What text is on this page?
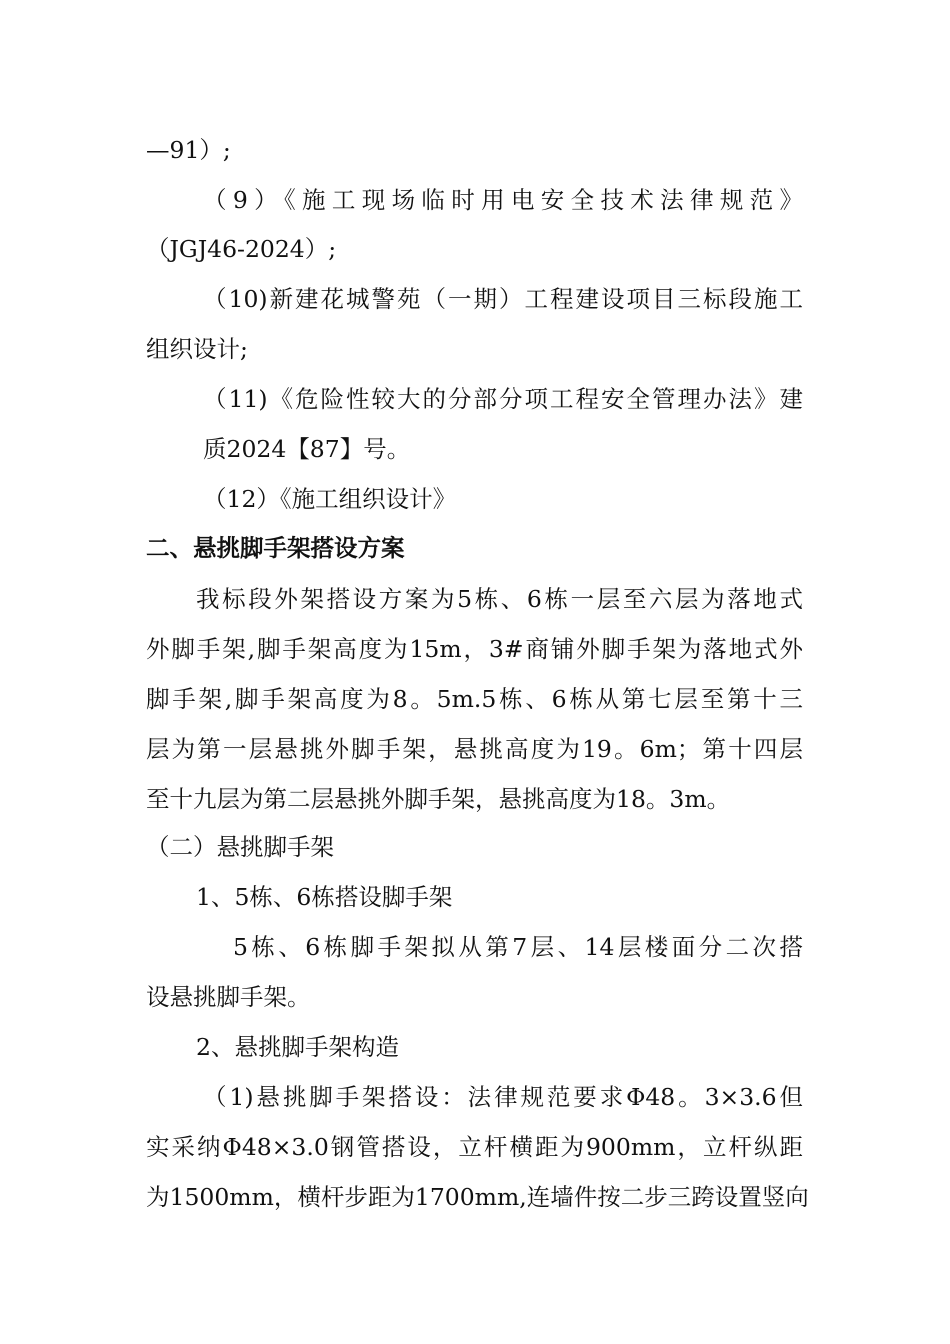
—91）;
（9）《施工现场临时用电安全技术法律规范》
（JGJ46-2024）;
（10)新建花城警苑（一期）工程建设项目三标段施工
组织设计;
（11)《危险性较大的分部分项工程安全管理办法》建
质2024【87】号。
（12）《施工组织设计》
二、悬挑脚手架搭设方案
我标段外架搭设方案为5栋、6栋一层至六层为落地式
外脚手架,脚手架高度为15m，3#商铺外脚手架为落地式外
脚手架,脚手架高度为8。5m.5栋、6栋从第七层至第十三
层为第一层悬挑外脚手架，悬挑高度为19。6m；第十四层
至十九层为第二层悬挑外脚手架，悬挑高度为18。3m。
（二）悬挑脚手架
1、5栋、6栋搭设脚手架
5栋、6栋脚手架拟从第7层、14层楼面分二次搭
设悬挑脚手架。
2、悬挑脚手架构造
（1)悬挑脚手架搭设：法律规范要求Φ48。3×3.6但
实采纳Φ48×3.0钢管搭设，立杆横距为900mm，立杆纵距
为1500mm，横杆步距为1700mm,连墙件按二步三跨设置竖向
